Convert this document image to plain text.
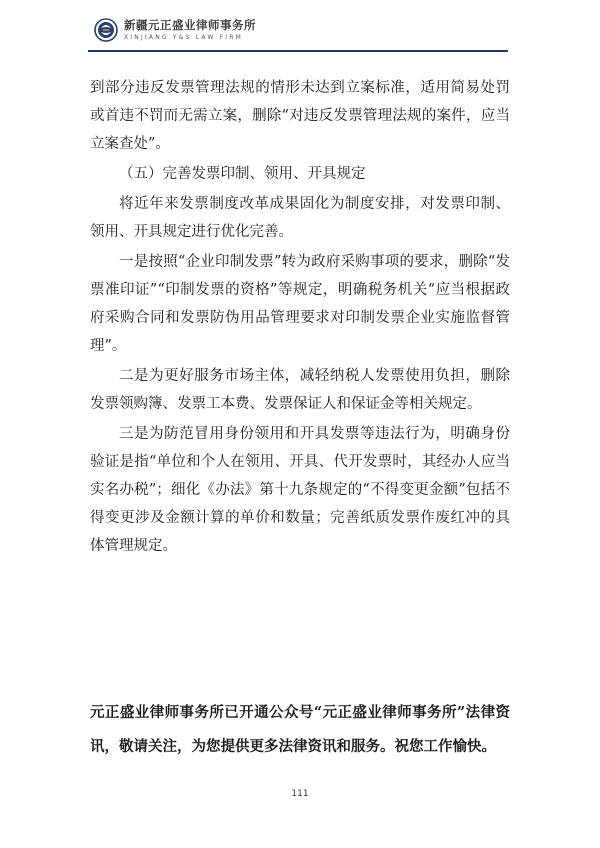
新疆元正盛业律师事务所
XINJIANG Y&S LAW FIRM

到部分违反发票管理法规的情形未达到立案标准，适用简易处罚或首违不罚而无需立案，删除“对违反发票管理法规的案件，应当立案查处”。

（五）完善发票印制、领用、开具规定

将近年来发票制度改革成果固化为制度安排，对发票印制、领用、开具规定进行优化完善。

一是按照“企业印制发票”转为政府采购事项的要求，删除“发票准印证”“印制发票的资格”等规定，明确税务机关“应当根据政府采购合同和发票防伪用品管理要求对印制发票企业实施监督管理”。

二是为更好服务市场主体，减轻纳税人发票使用负担，删除发票领购簿、发票工本费、发票保证人和保证金等相关规定。

三是为防范冒用身份领用和开具发票等违法行为，明确身份验证是指“单位和个人在领用、开具、代开发票时，其经办人应当实名办税”；细化《办法》第十九条规定的“不得变更金额”包括不得变更涉及金额计算的单价和数量；完善纸质发票作废红冲的具体管理规定。

元正盛业律师事务所已开通公众号“元正盛业律师事务所”法律资讯，敬请关注，为您提供更多法律资讯和服务。祝您工作愉快。
111
